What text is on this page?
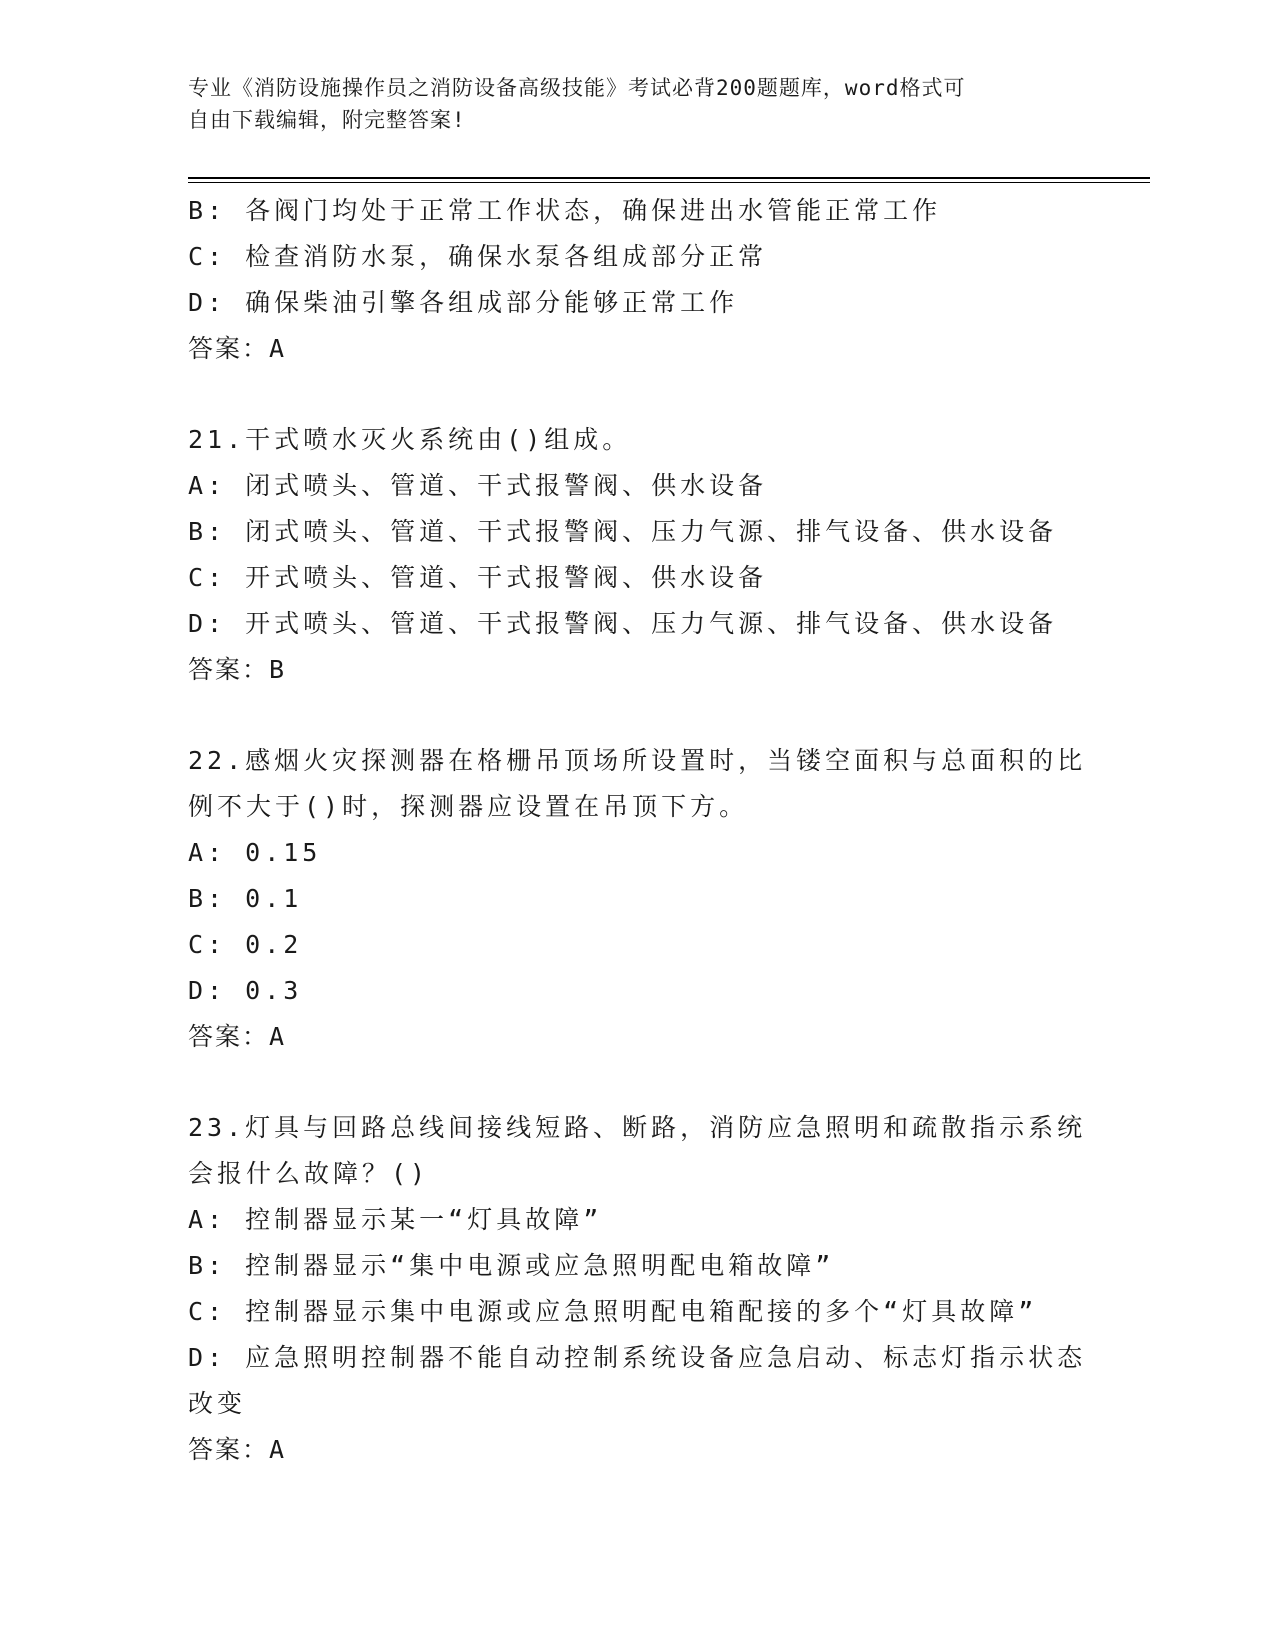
专业《消防设施操作员之消防设备高级技能》考试必背200题题库，word格式可
自由下载编辑，附完整答案!
B: 各阀门均处于正常工作状态，确保进出水管能正常工作
C: 检查消防水泵，确保水泵各组成部分正常
D: 确保柴油引擎各组成部分能够正常工作
答案：A
21.干式喷水灭火系统由()组成。
A: 闭式喷头、管道、干式报警阀、供水设备
B: 闭式喷头、管道、干式报警阀、压力气源、排气设备、供水设备
C: 开式喷头、管道、干式报警阀、供水设备
D: 开式喷头、管道、干式报警阀、压力气源、排气设备、供水设备
答案：B
22.感烟火灾探测器在格栅吊顶场所设置时，当镂空面积与总面积的比
例不大于()时，探测器应设置在吊顶下方。
A: 0.15
B: 0.1
C: 0.2
D: 0.3
答案：A
23.灯具与回路总线间接线短路、断路，消防应急照明和疏散指示系统
会报什么故障？()
A: 控制器显示某一“灯具故障”
B: 控制器显示“集中电源或应急照明配电箱故障”
C: 控制器显示集中电源或应急照明配电箱配接的多个“灯具故障”
D: 应急照明控制器不能自动控制系统设备应急启动、标志灯指示状态
改变
答案：A
